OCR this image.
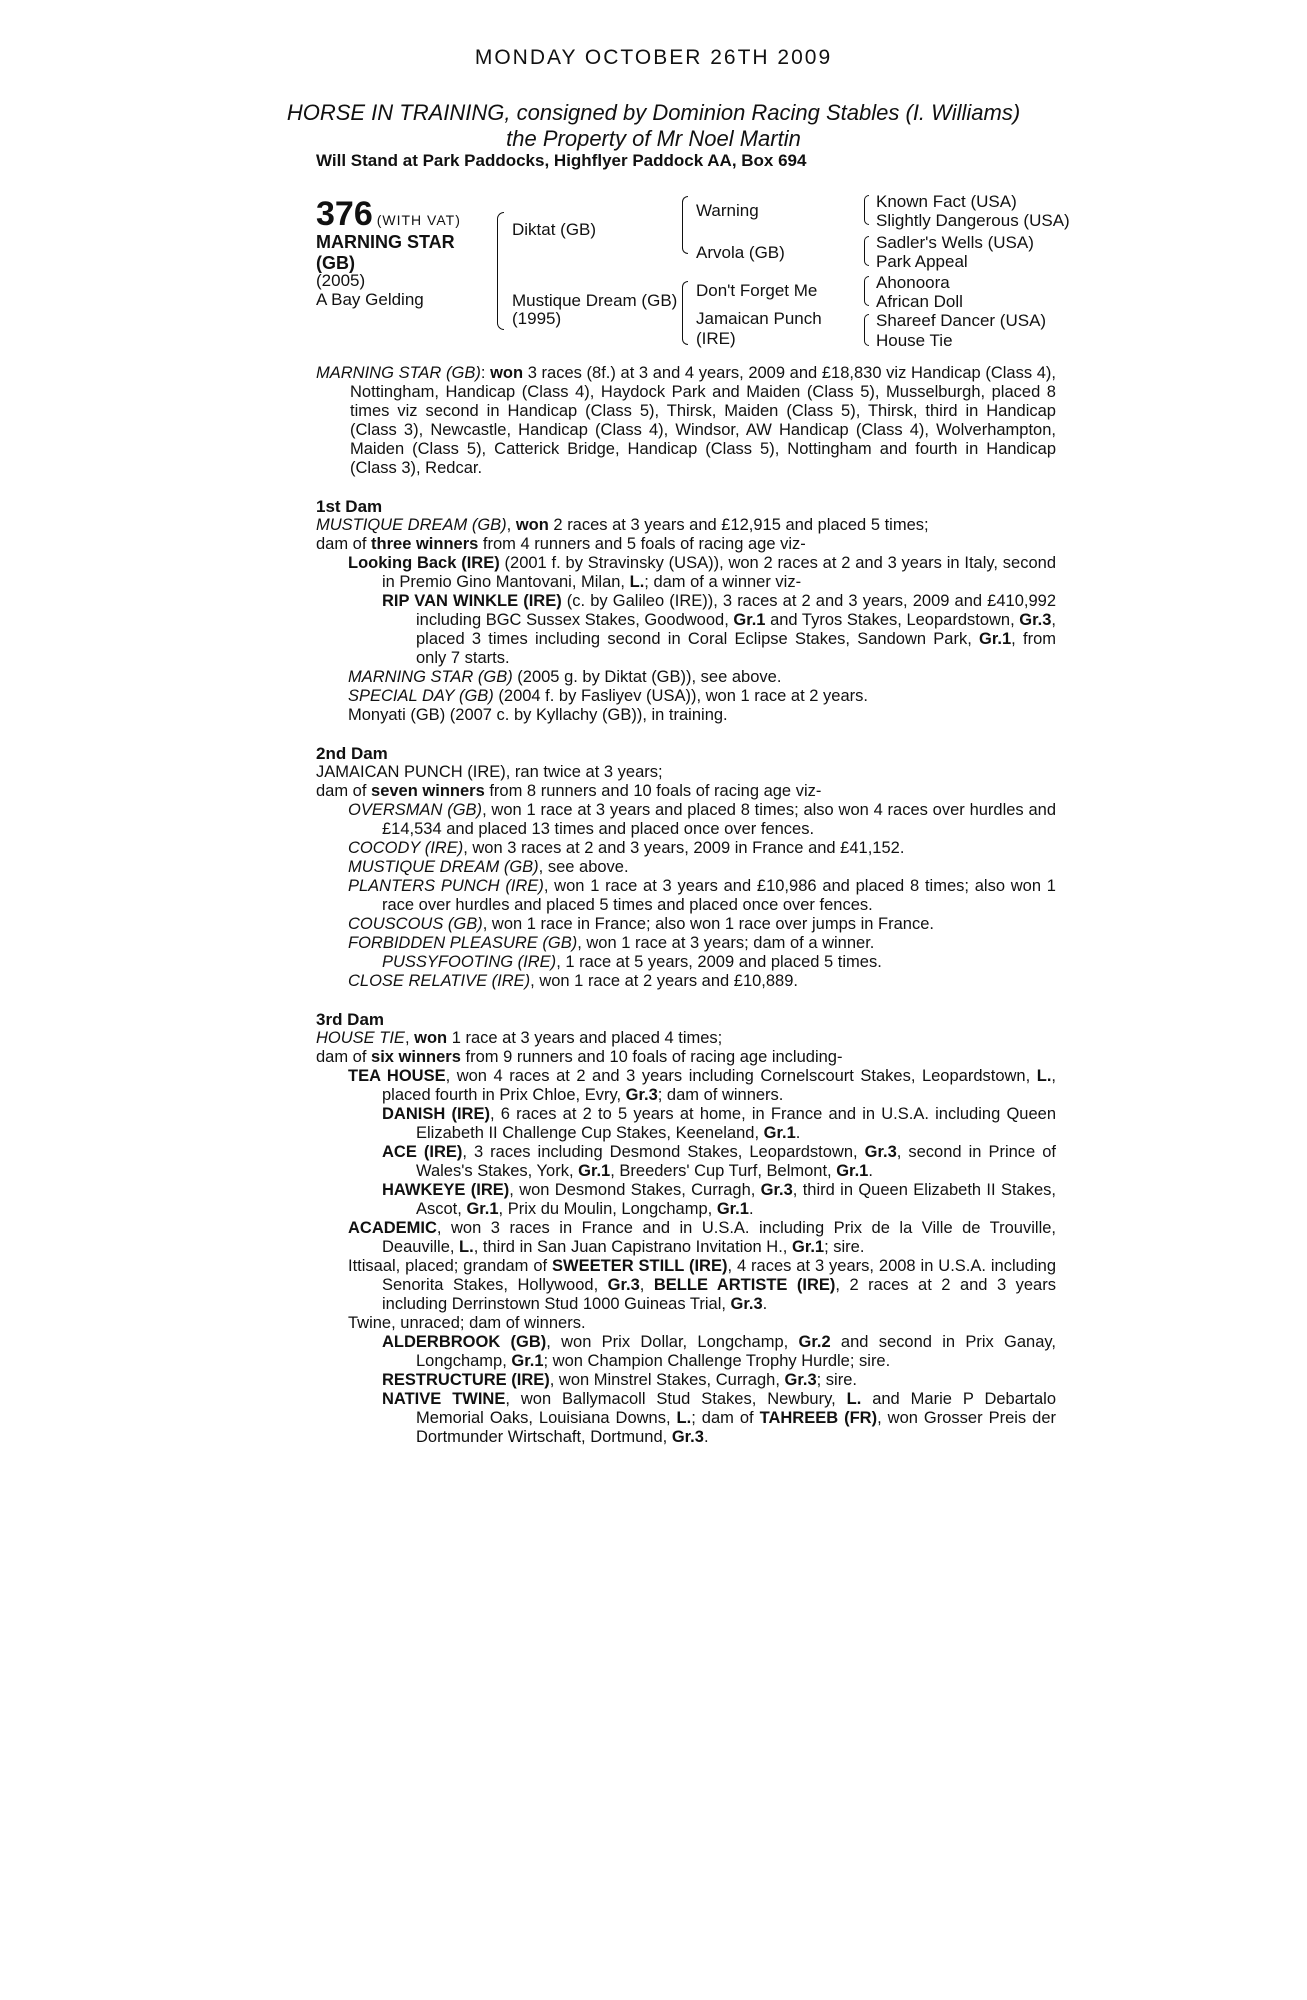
MONDAY OCTOBER 26TH 2009
HORSE IN TRAINING, consigned by Dominion Racing Stables (I. Williams)
the Property of Mr Noel Martin
Will Stand at Park Paddocks, Highflyer Paddock AA, Box 694
376 (WITH VAT)
MARNING STAR
(GB)
(2005)
A Bay Gelding
Diktat (GB)
Mustique Dream (GB)
(1995)
Warning
Arvola (GB)
Don't Forget Me
Jamaican Punch
(IRE)
Known Fact (USA)
Slightly Dangerous (USA)
Sadler's Wells (USA)
Park Appeal
Ahonoora
African Doll
Shareef Dancer (USA)
House Tie

MARNING STAR (GB): won 3 races (8f.) at 3 and 4 years, 2009 and £18,830 viz Handicap (Class 4), Nottingham, Handicap (Class 4), Haydock Park and Maiden (Class 5), Musselburgh, placed 8 times viz second in Handicap (Class 5), Thirsk, Maiden (Class 5), Thirsk, third in Handicap (Class 3), Newcastle, Handicap (Class 4), Windsor, AW Handicap (Class 4), Wolverhampton, Maiden (Class 5), Catterick Bridge, Handicap (Class 5), Nottingham and fourth in Handicap (Class 3), Redcar.

1st Dam

MUSTIQUE DREAM (GB), won 2 races at 3 years and £12,915 and placed 5 times;

dam of three winners from 4 runners and 5 foals of racing age viz-

Looking Back (IRE) (2001 f. by Stravinsky (USA)), won 2 races at 2 and 3 years in Italy, second in Premio Gino Mantovani, Milan, L.; dam of a winner viz-

RIP VAN WINKLE (IRE) (c. by Galileo (IRE)), 3 races at 2 and 3 years, 2009 and £410,992 including BGC Sussex Stakes, Goodwood, Gr.1 and Tyros Stakes, Leopardstown, Gr.3, placed 3 times including second in Coral Eclipse Stakes, Sandown Park, Gr.1, from only 7 starts.

MARNING STAR (GB) (2005 g. by Diktat (GB)), see above.

SPECIAL DAY (GB) (2004 f. by Fasliyev (USA)), won 1 race at 2 years.

Monyati (GB) (2007 c. by Kyllachy (GB)), in training.

2nd Dam

JAMAICAN PUNCH (IRE), ran twice at 3 years;

dam of seven winners from 8 runners and 10 foals of racing age viz-

OVERSMAN (GB), won 1 race at 3 years and placed 8 times; also won 4 races over hurdles and £14,534 and placed 13 times and placed once over fences.

COCODY (IRE), won 3 races at 2 and 3 years, 2009 in France and £41,152.

MUSTIQUE DREAM (GB), see above.

PLANTERS PUNCH (IRE), won 1 race at 3 years and £10,986 and placed 8 times; also won 1 race over hurdles and placed 5 times and placed once over fences.

COUSCOUS (GB), won 1 race in France; also won 1 race over jumps in France.

FORBIDDEN PLEASURE (GB), won 1 race at 3 years; dam of a winner.

PUSSYFOOTING (IRE), 1 race at 5 years, 2009 and placed 5 times.

CLOSE RELATIVE (IRE), won 1 race at 2 years and £10,889.

3rd Dam

HOUSE TIE, won 1 race at 3 years and placed 4 times;

dam of six winners from 9 runners and 10 foals of racing age including-

TEA HOUSE, won 4 races at 2 and 3 years including Cornelscourt Stakes, Leopardstown, L., placed fourth in Prix Chloe, Evry, Gr.3; dam of winners.

DANISH (IRE), 6 races at 2 to 5 years at home, in France and in U.S.A. including Queen Elizabeth II Challenge Cup Stakes, Keeneland, Gr.1.

ACE (IRE), 3 races including Desmond Stakes, Leopardstown, Gr.3, second in Prince of Wales's Stakes, York, Gr.1, Breeders' Cup Turf, Belmont, Gr.1.

HAWKEYE (IRE), won Desmond Stakes, Curragh, Gr.3, third in Queen Elizabeth II Stakes, Ascot, Gr.1, Prix du Moulin, Longchamp, Gr.1.

ACADEMIC, won 3 races in France and in U.S.A. including Prix de la Ville de Trouville, Deauville, L., third in San Juan Capistrano Invitation H., Gr.1; sire.

Ittisaal, placed; grandam of SWEETER STILL (IRE), 4 races at 3 years, 2008 in U.S.A. including Senorita Stakes, Hollywood, Gr.3, BELLE ARTISTE (IRE), 2 races at 2 and 3 years including Derrinstown Stud 1000 Guineas Trial, Gr.3.

Twine, unraced; dam of winners.

ALDERBROOK (GB), won Prix Dollar, Longchamp, Gr.2 and second in Prix Ganay, Longchamp, Gr.1; won Champion Challenge Trophy Hurdle; sire.

RESTRUCTURE (IRE), won Minstrel Stakes, Curragh, Gr.3; sire.

NATIVE TWINE, won Ballymacoll Stud Stakes, Newbury, L. and Marie P Debartalo Memorial Oaks, Louisiana Downs, L.; dam of TAHREEB (FR), won Grosser Preis der Dortmunder Wirtschaft, Dortmund, Gr.3.
